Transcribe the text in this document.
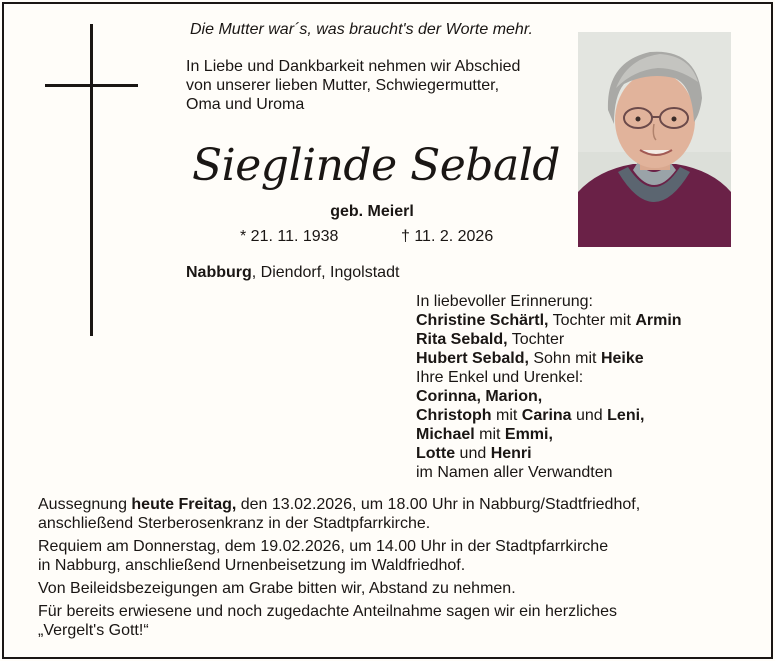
Die Mutter war´s, was braucht's der Worte mehr.
In Liebe und Dankbarkeit nehmen wir Abschied
von unserer lieben Mutter, Schwiegermutter,
Oma und Uroma
Sieglinde Sebald
geb. Meierl
* 21. 11. 1938	† 11. 2. 2026
Nabburg, Diendorf, Ingolstadt
In liebevoller Erinnerung:
Christine Schärtl, Tochter mit Armin
Rita Sebald, Tochter
Hubert Sebald, Sohn mit Heike
Ihre Enkel und Urenkel:
Corinna, Marion,
Christoph mit Carina und Leni,
Michael mit Emmi,
Lotte und Henri
im Namen aller Verwandten

Aussegnung heute Freitag, den 13.02.2026, um 18.00 Uhr in Nabburg/Stadtfriedhof,
anschließend Sterberosenkranz in der Stadtpfarrkirche.

Requiem am Donnerstag, dem 19.02.2026, um 14.00 Uhr in der Stadtpfarrkirche
in Nabburg, anschließend Urnenbeisetzung im Waldfriedhof.

Von Beileidsbezeigungen am Grabe bitten wir, Abstand zu nehmen.

Für bereits erwiesene und noch zugedachte Anteilnahme sagen wir ein herzliches
„Vergelt's Gott!“
